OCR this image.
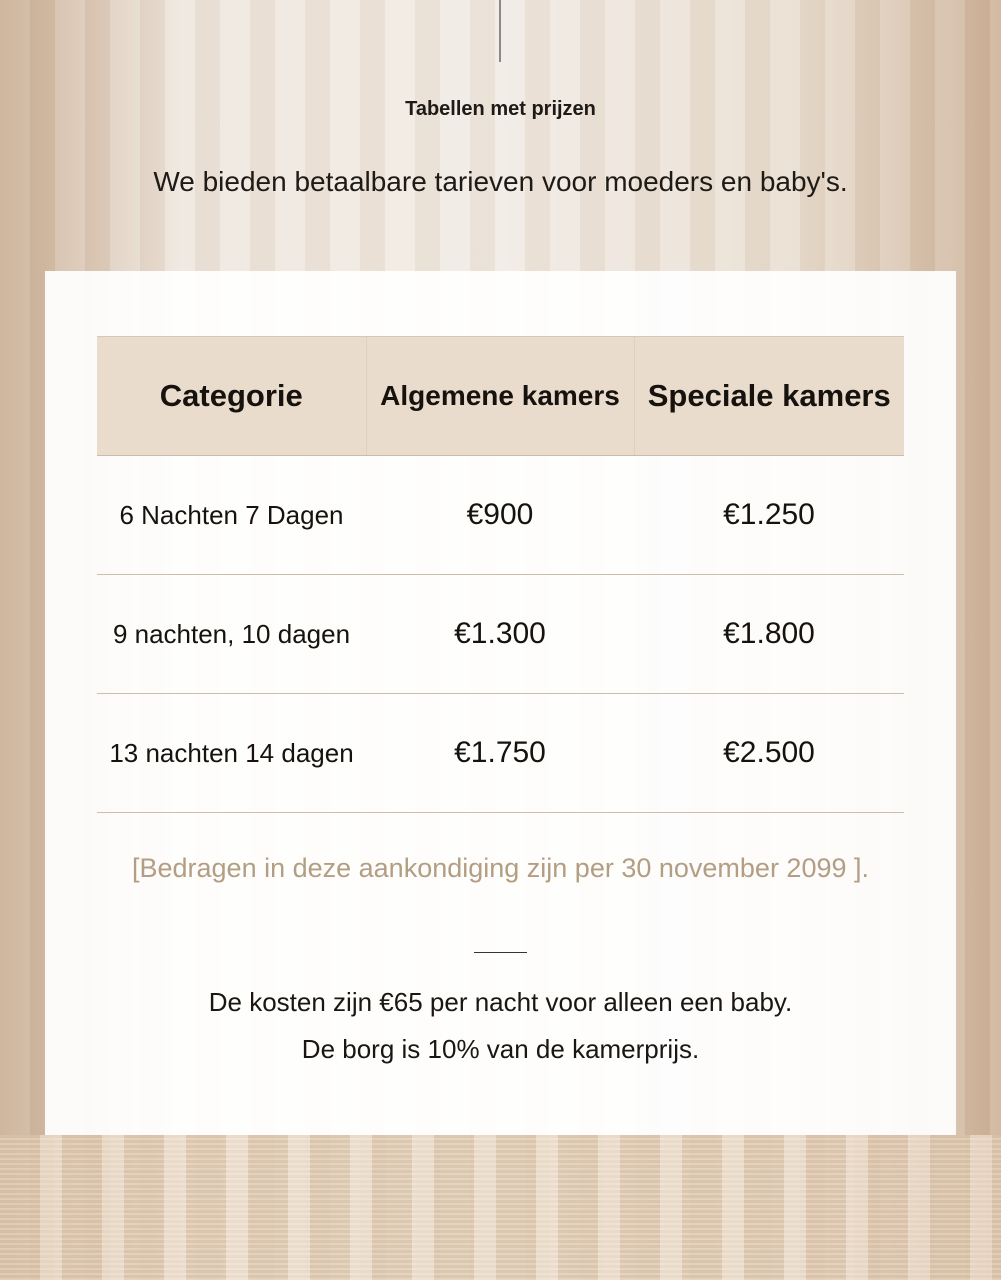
Tabellen met prijzen
We bieden betaalbare tarieven voor moeders en baby's.
Categorie	Algemene kamers	Speciale kamers
6 Nachten 7 Dagen	€900	€1.250
9 nachten, 10 dagen	€1.300	€1.800
13 nachten 14 dagen	€1.750	€2.500
[Bedragen in deze aankondiging zijn per 30 november 2099 ].
De kosten zijn €65 per nacht voor alleen een baby.
De borg is 10% van de kamerprijs.
